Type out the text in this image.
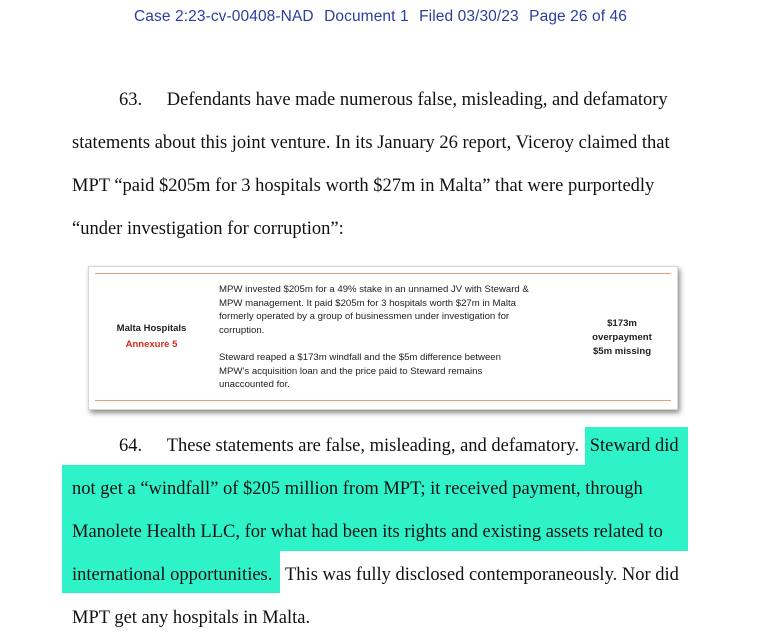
Case 2:23-cv-00408-NAD Document 1 Filed 03/30/23 Page 26 of 46
63. Defendants have made numerous false, misleading, and defamatory
statements about this joint venture. In its January 26 report, Viceroy claimed that
MPT “paid $205m for 3 hospitals worth $27m in Malta” that were purportedly
“under investigation for corruption”:
Malta Hospitals
Annexure 5
MPW invested $205m for a 49% stake in an unnamed JV with Steward &
MPW management. It paid $205m for 3 hospitals worth $27m in Malta
formerly operated by a group of businessmen under investigation for
corruption.
Steward reaped a $173m windfall and the $5m difference between
MPW’s acquisition loan and the price paid to Steward remains
unaccounted for.
$173m
overpayment
$5m missing
64. These statements are false, misleading, and defamatory. Steward did
not get a “windfall” of $205 million from MPT; it received payment, through
Manolete Health LLC, for what had been its rights and existing assets related to
international opportunities. This was fully disclosed contemporaneously. Nor did
MPT get any hospitals in Malta.
